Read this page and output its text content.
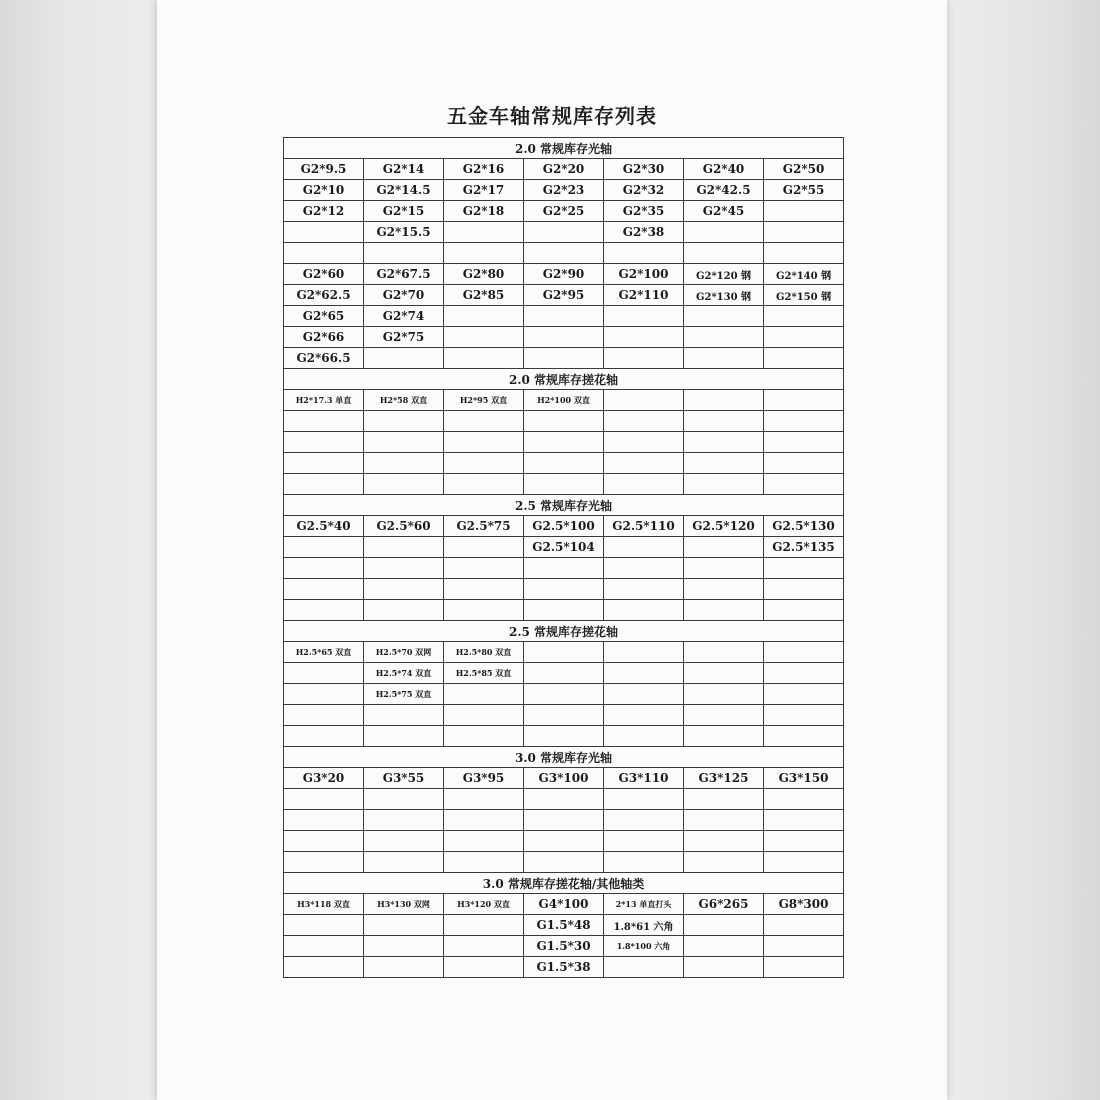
五金车轴常规库存列表
2.0 常规库存光轴						
G2*9.5	G2*14	G2*16	G2*20	G2*30	G2*40	G2*50
G2*10	G2*14.5	G2*17	G2*23	G2*32	G2*42.5	G2*55
G2*12	G2*15	G2*18	G2*25	G2*35	G2*45	
	G2*15.5			G2*38		

G2*60	G2*67.5	G2*80	G2*90	G2*100	G2*120 钢	G2*140 钢
G2*62.5	G2*70	G2*85	G2*95	G2*110	G2*130 钢	G2*150 钢
G2*65	G2*74					
G2*66	G2*75					
G2*66.5						
2.0 常规库存搓花轴						
H2*17.3 单直	H2*58 双直	H2*95 双直	H2*100 双直			

2.5 常规库存光轴						
G2.5*40	G2.5*60	G2.5*75	G2.5*100	G2.5*110	G2.5*120	G2.5*130
			G2.5*104			G2.5*135

2.5 常规库存搓花轴						
H2.5*65 双直	H2.5*70 双网	H2.5*80 双直				
	H2.5*74 双直	H2.5*85 双直				
	H2.5*75 双直					

3.0 常规库存光轴						
G3*20	G3*55	G3*95	G3*100	G3*110	G3*125	G3*150

3.0 常规库存搓花轴/其他轴类						
H3*118 双直	H3*130 双网	H3*120 双直	G4*100	2*13 单直打头	G6*265	G8*300
			G1.5*48	1.8*61 六角		
			G1.5*30	1.8*100 六角		
			G1.5*38			
